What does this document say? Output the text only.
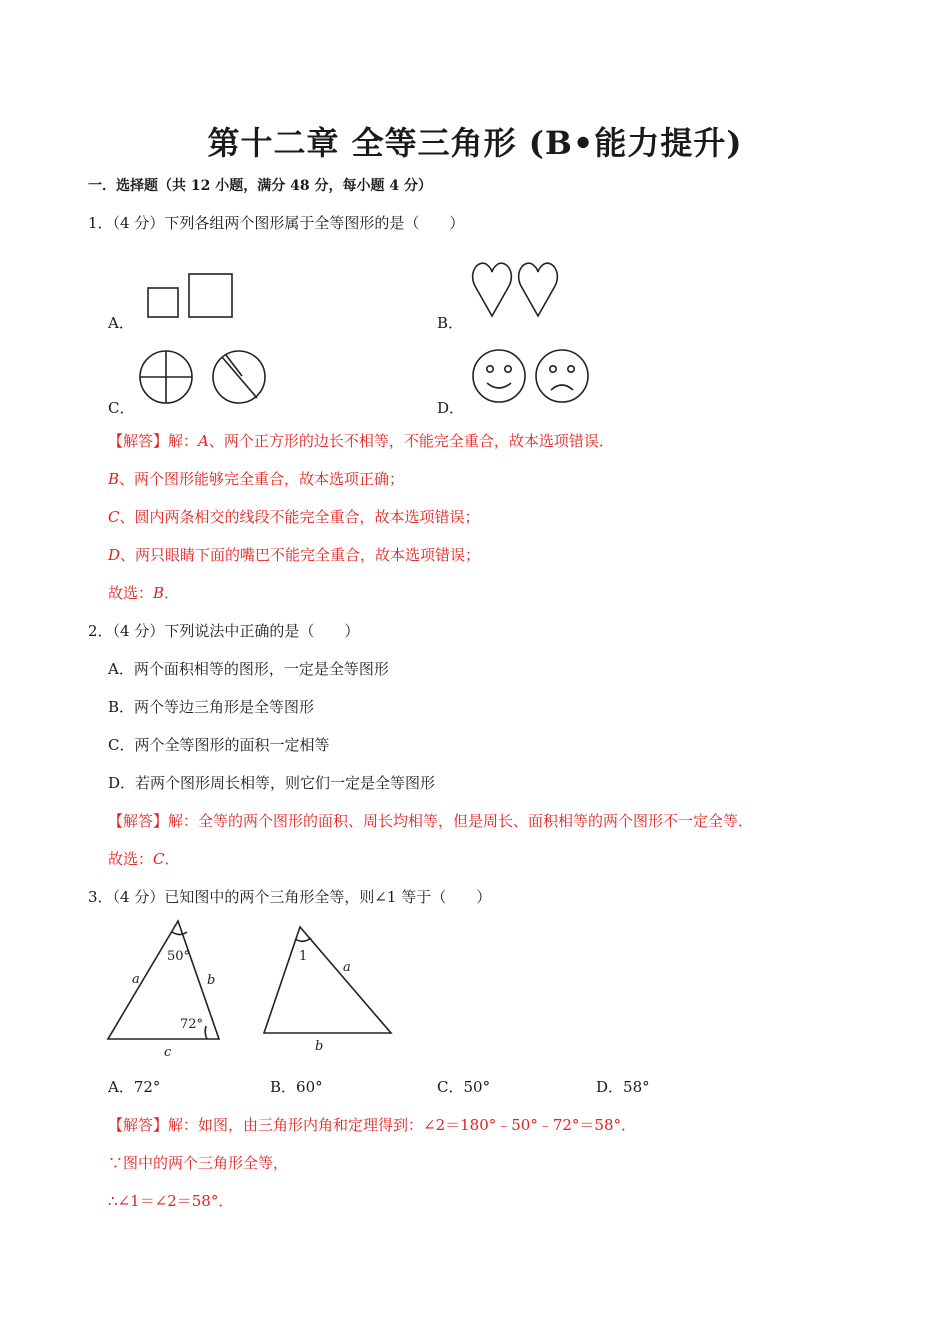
第十二章 全等三角形 (B•能力提升)
一．选择题（共 12 小题，满分 48 分，每小题 4 分）
1．（4 分）下列各组两个图形属于全等图形的是（　　）
A．	B．
C．	D．
【解答】解：A、两个正方形的边长不相等，不能完全重合，故本选项错误．
B、两个图形能够完全重合，故本选项正确；
C、圆内两条相交的线段不能完全重合，故本选项错误；
D、两只眼睛下面的嘴巴不能完全重合，故本选项错误；
故选：B．
2．（4 分）下列说法中正确的是（　　）
A．两个面积相等的图形，一定是全等图形
B．两个等边三角形是全等图形
C．两个全等图形的面积一定相等
D．若两个图形周长相等，则它们一定是全等图形
【解答】解：全等的两个图形的面积、周长均相等，但是周长、面积相等的两个图形不一定全等．
故选：C．
3．（4 分）已知图中的两个三角形全等，则∠1 等于（　　）
50°
72°
a	b
c
1
a
b
A．72°	B．60°	C．50°	D．58°
【解答】解：如图，由三角形内角和定理得到：∠2＝180°﹣50°﹣72°＝58°．
∵图中的两个三角形全等，
∴∠1＝∠2＝58°．
